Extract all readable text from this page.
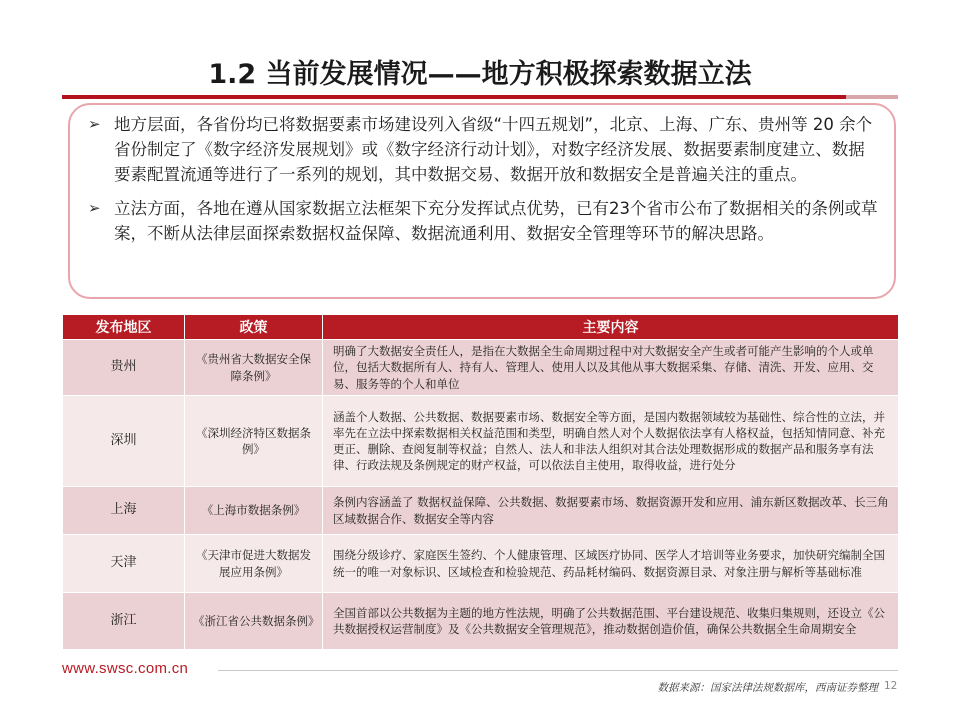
1.2 当前发展情况——地方积极探索数据立法
➢ 地方层面，各省份均已将数据要素市场建设列入省级“十四五规划”，北京、上海、广东、贵州等 20 余个省份制定了《数字经济发展规划》或《数字经济行动计划》，对数字经济发展、数据要素制度建立、数据要素配置流通等进行了一系列的规划，其中数据交易、数据开放和数据安全是普遍关注的重点。
➢ 立法方面，各地在遵从国家数据立法框架下充分发挥试点优势，已有23个省市公布了数据相关的条例或草案，不断从法律层面探索数据权益保障、数据流通利用、数据安全管理等环节的解决思路。
发布地区	政策	主要内容
贵州	《贵州省大数据安全保障条例》	明确了大数据安全责任人，是指在大数据全生命周期过程中对大数据安全产生或者可能产生影响的个人或单位，包括大数据所有人、持有人、管理人、使用人以及其他从事大数据采集、存储、清洗、开发、应用、交易、服务等的个人和单位
深圳	《深圳经济特区数据条例》	涵盖个人数据、公共数据、数据要素市场、数据安全等方面，是国内数据领域较为基础性、综合性的立法，并率先在立法中探索数据相关权益范围和类型，明确自然人对个人数据依法享有人格权益，包括知情同意、补充更正、删除、查阅复制等权益；自然人、法人和非法人组织对其合法处理数据形成的数据产品和服务享有法律、行政法规及条例规定的财产权益，可以依法自主使用，取得收益，进行处分
上海	《上海市数据条例》	条例内容涵盖了 数据权益保障、公共数据、数据要素市场、数据资源开发和应用、浦东新区数据改革、长三角区域数据合作、数据安全等内容
天津	《天津市促进大数据发展应用条例》	围绕分级诊疗、家庭医生签约、个人健康管理、区域医疗协同、医学人才培训等业务要求，加快研究编制全国统一的唯一对象标识、区域检查和检验规范、药品耗材编码、数据资源目录、对象注册与解析等基础标准
浙江	《浙江省公共数据条例》	全国首部以公共数据为主题的地方性法规，明确了公共数据范围、平台建设规范、收集归集规则，还设立《公共数据授权运营制度》及《公共数据安全管理规范》，推动数据创造价值，确保公共数据全生命周期安全
www.swsc.com.cn
数据来源：国家法律法规数据库，西南证券整理 12
